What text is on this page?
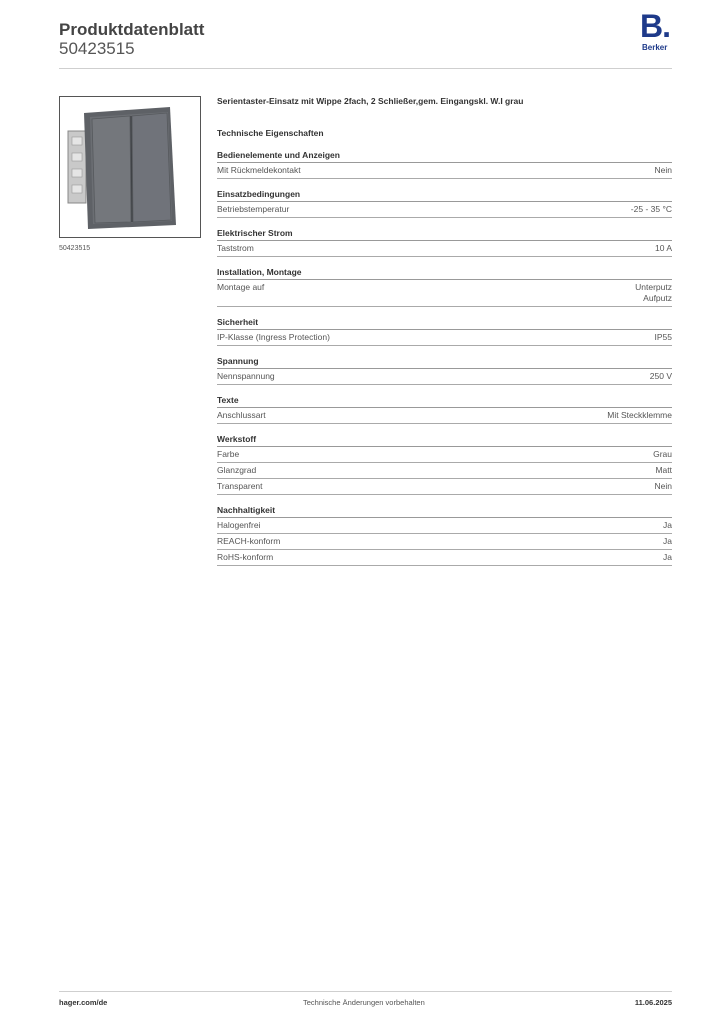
Produktdatenblatt
50423515
B.
Berker
50423515
Serientaster-Einsatz mit Wippe 2fach, 2 Schließer,gem. Eingangskl. W.I grau
Technische Eigenschaften
Bedienelemente und Anzeigen
Mit Rückmeldekontakt	Nein
Einsatzbedingungen
Betriebstemperatur	-25 - 35 °C
Elektrischer Strom
Taststrom	10 A
Installation, Montage
Montage auf	Unterputz
Aufputz
Sicherheit
IP-Klasse (Ingress Protection)	IP55
Spannung
Nennspannung	250 V
Texte
Anschlussart	Mit Steckklemme
Werkstoff
Farbe	Grau
Glanzgrad	Matt
Transparent	Nein
Nachhaltigkeit
Halogenfrei	Ja
REACH-konform	Ja
RoHS-konform	Ja
hager.com/de	Technische Änderungen vorbehalten	11.06.2025
